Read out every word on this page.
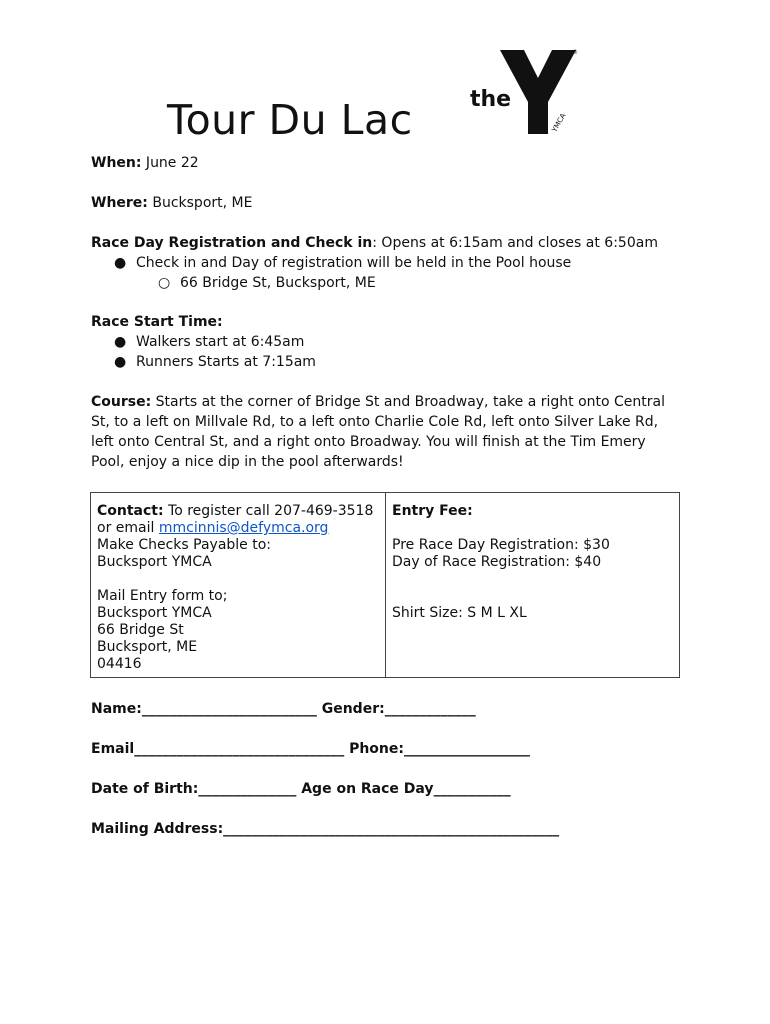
Tour Du Lac	the
YMCA
®
When: June 22
Where: Bucksport, ME
Race Day Registration and Check in: Opens at 6:15am and closes at 6:50am
● Check in and Day of registration will be held in the Pool house
○ 66 Bridge St, Bucksport, ME
Race Start Time:
● Walkers start at 6:45am
● Runners Starts at 7:15am
Course: Starts at the corner of Bridge St and Broadway, take a right onto Central St, to a left on Millvale Rd, to a left onto Charlie Cole Rd, left onto Silver Lake Rd, left onto Central St, and a right onto Broadway. You will finish at the Tim Emery Pool, enjoy a nice dip in the pool afterwards!
Contact: To register call 207-469-3518
or email mmcinnis@defymca.org
Make Checks Payable to:
Bucksport YMCA
Mail Entry form to;
Bucksport YMCA
66 Bridge St
Bucksport, ME
04416
Entry Fee:
Pre Race Day Registration: $30
Day of Race Registration: $40
Shirt Size: S M L XL
Name:_________________________ Gender:_____________
Email______________________________ Phone:__________________
Date of Birth:______________ Age on Race Day___________
Mailing Address:________________________________________________
